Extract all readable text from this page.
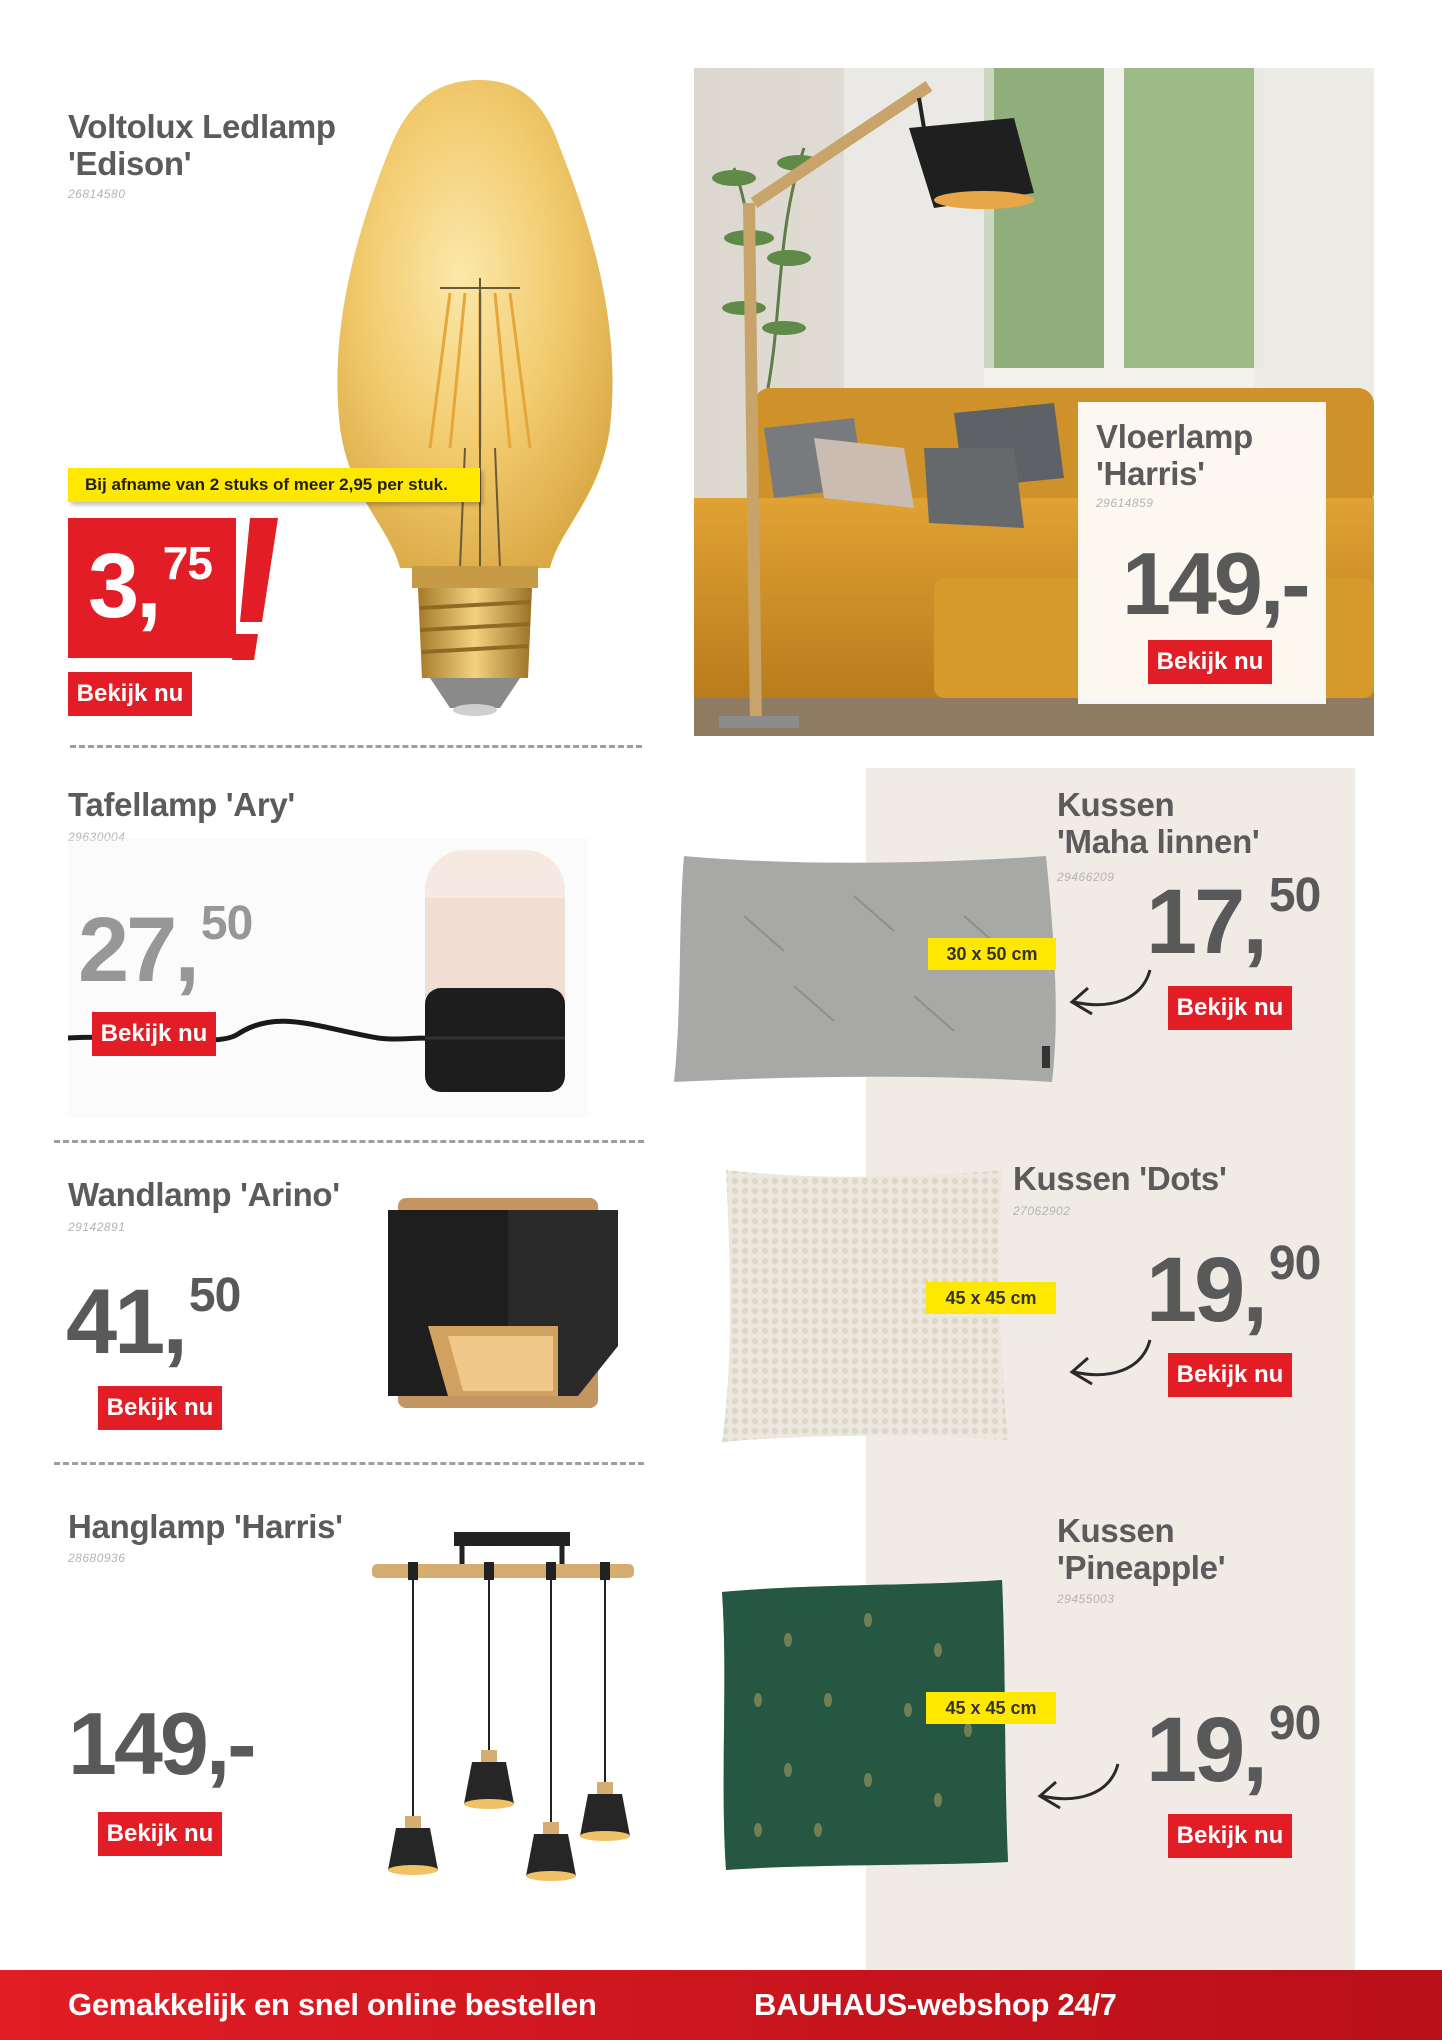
Voltolux Ledlamp
'Edison'
26814580
Bij afname van 2 stuks of meer 2,95 per stuk.
3, 75
Bekijk nu
Vloerlamp
'Harris'
29614859
149,-
Bekijk nu
Tafellamp 'Ary'
29630004
27, 50
Bekijk nu
30 x 50 cm
Kussen
'Maha linnen'
29466209 17, 50
Bekijk nu
Wandlamp 'Arino'
29142891
41, 50
Bekijk nu
45 x 45 cm
Kussen 'Dots'
27062902
19, 90
Bekijk nu
Hanglamp 'Harris'
28680936
149,-
Bekijk nu
45 x 45 cm
Kussen
'Pineapple'
29455003
19, 90
Bekijk nu
Gemakkelijk en snel online bestellen	BAUHAUS-webshop 24/7
